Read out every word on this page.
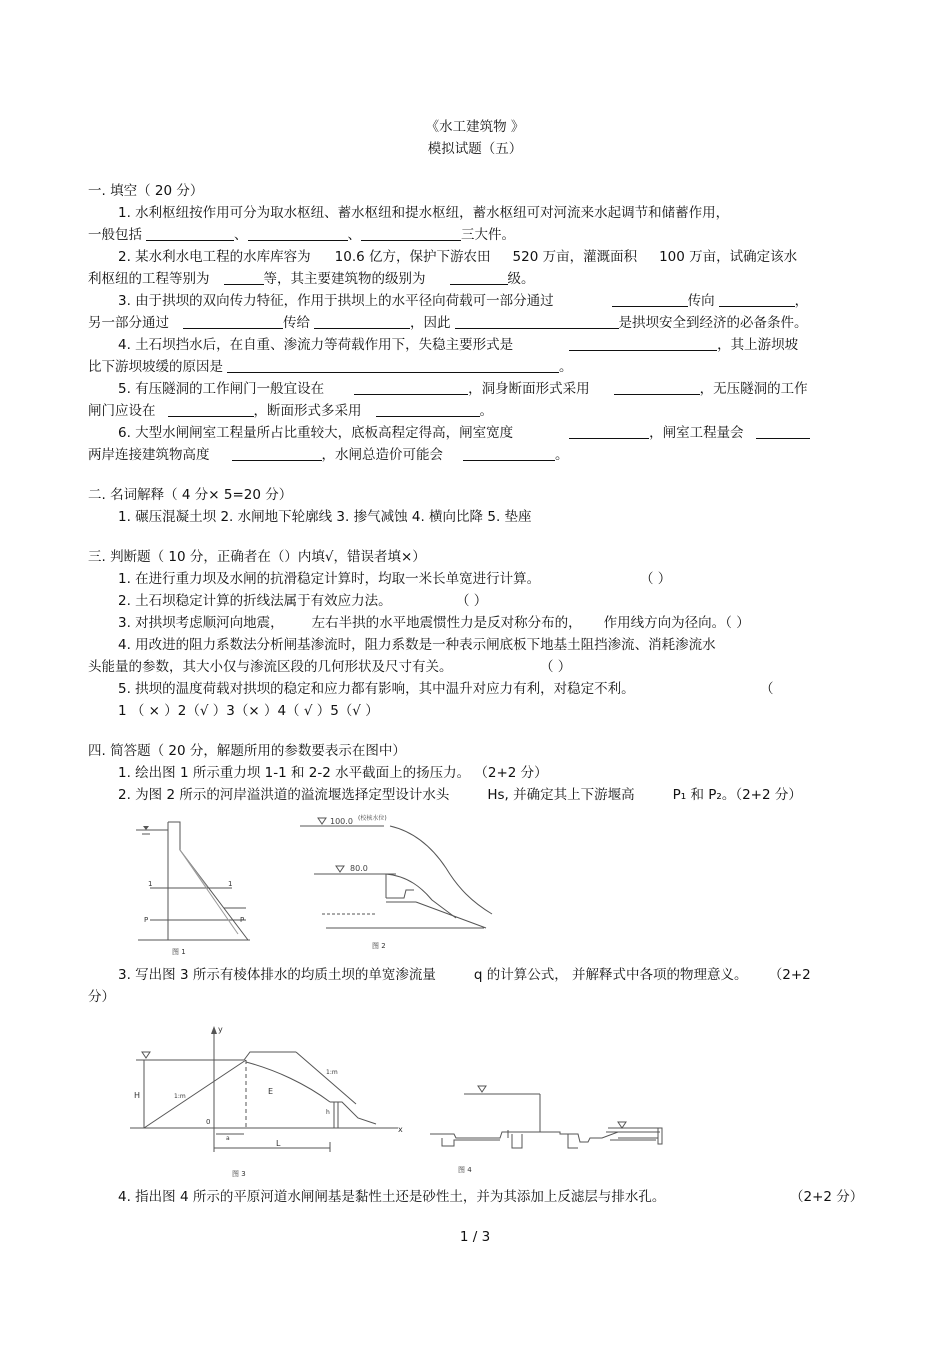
《水工建筑物 》
模拟试题（五）
一. 填空（ 20 分）
1. 水利枢纽按作用可分为取水枢纽、蓄水枢纽和提水枢纽，蓄水枢纽可对河流来水起调节和储蓄作用，
一般包括	、	、	三大件。
2. 某水利水电工程的水库库容为 10.6 亿方，保护下游农田 520 万亩，灌溉面积 100 万亩，试确定该水
利枢纽的工程等别为	等，其主要建筑物的级别为	级。
3. 由于拱坝的双向传力特征，作用于拱坝上的水平径向荷载可一部分通过	传向	，
另一部分通过	传给	，因此	是拱坝安全到经济的必备条件。
4. 土石坝挡水后，在自重、渗流力等荷载作用下，失稳主要形式是	，其上游坝坡
比下游坝坡缓的原因是	。
5. 有压隧洞的工作闸门一般宜设在	，洞身断面形式采用	，无压隧洞的工作
闸门应设在	，断面形式多采用	。
6. 大型水闸闸室工程量所占比重较大，底板高程定得高，闸室宽度	，闸室工程量会
两岸连接建筑物高度	，水闸总造价可能会	。
二. 名词解释（ 4 分× 5=20 分）
1. 碾压混凝土坝 2. 水闸地下轮廓线 3. 掺气减蚀 4. 横向比降 5. 垫座
三. 判断题（ 10 分，正确者在（）内填√，错误者填×）
1. 在进行重力坝及水闸的抗滑稳定计算时，均取一米长单宽进行计算。	（ ）
2. 土石坝稳定计算的折线法属于有效应力法。	（ ）
3. 对拱坝考虑顺河向地震， 左右半拱的水平地震惯性力是反对称分布的， 作用线方向为径向。（ ）
4. 用改进的阻力系数法分析闸基渗流时，阻力系数是一种表示闸底板下地基土阻挡渗流、消耗渗流水
头能量的参数，其大小仅与渗流区段的几何形状及尺寸有关。	（ ）
5. 拱坝的温度荷载对拱坝的稳定和应力都有影响，其中温升对应力有利，对稳定不利。	（
1 （ × ）2（√ ）3（× ）4（ √ ）5（√ ）
四. 简答题（ 20 分，解题所用的参数要表示在图中）
1. 绘出图 1 所示重力坝 1-1 和 2-2 水平截面上的扬压力。 （2+2 分）
2. 为图 2 所示的河岸溢洪道的溢流堰选择定型设计水头	Hs, 并确定其上下游堰高	P₁ 和 P₂。（2+2 分）
1	1
P	P
图 1
100.0 (校核水位)
80.0
图 2
3. 写出图 3 所示有棱体排水的均质土坝的单宽渗流量	q 的计算公式， 并解释式中各项的物理意义。 （2+2
分）
y
x
H	E
L
0
a
1:m
1:m
h
图 3	图 4
4. 指出图 4 所示的平原河道水闸闸基是黏性土还是砂性土，并为其添加上反滤层与排水孔。	（2+2 分）
1 / 3
